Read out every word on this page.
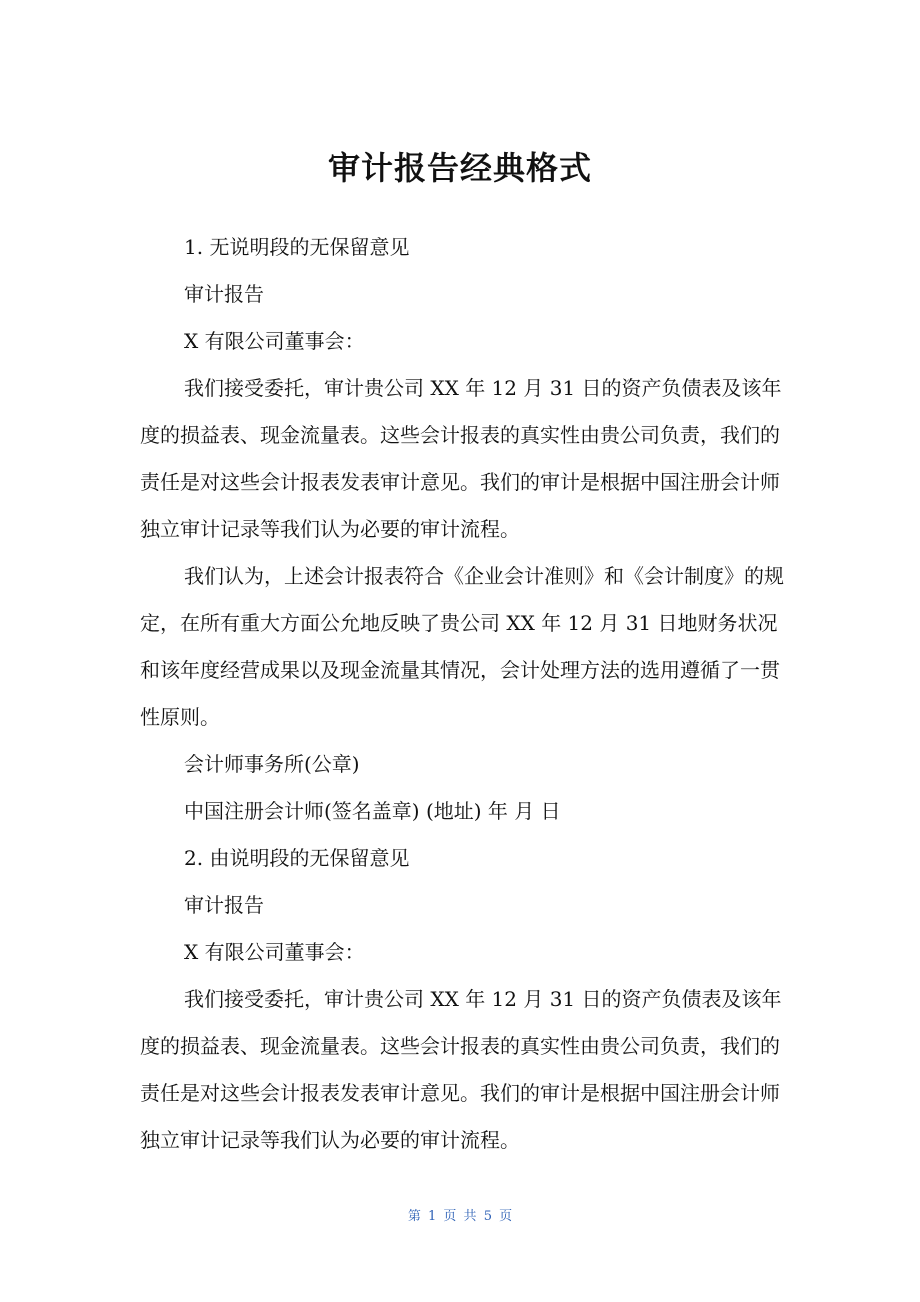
审计报告经典格式

1. 无说明段的无保留意见

审计报告

X 有限公司董事会：

我们接受委托，审计贵公司 XX 年 12 月 31 日的资产负债表及该年度的损益表、现金流量表。这些会计报表的真实性由贵公司负责，我们的责任是对这些会计报表发表审计意见。我们的审计是根据中国注册会计师独立审计记录等我们认为必要的审计流程。

我们认为，上述会计报表符合《企业会计准则》和《会计制度》的规定，在所有重大方面公允地反映了贵公司 XX 年 12 月 31 日地财务状况和该年度经营成果以及现金流量其情况，会计处理方法的选用遵循了一贯性原则。

会计师事务所(公章)

中国注册会计师(签名盖章) (地址) 年 月 日

2. 由说明段的无保留意见

审计报告

X 有限公司董事会：

我们接受委托，审计贵公司 XX 年 12 月 31 日的资产负债表及该年度的损益表、现金流量表。这些会计报表的真实性由贵公司负责，我们的责任是对这些会计报表发表审计意见。我们的审计是根据中国注册会计师独立审计记录等我们认为必要的审计流程。

第 1 页 共 5 页
